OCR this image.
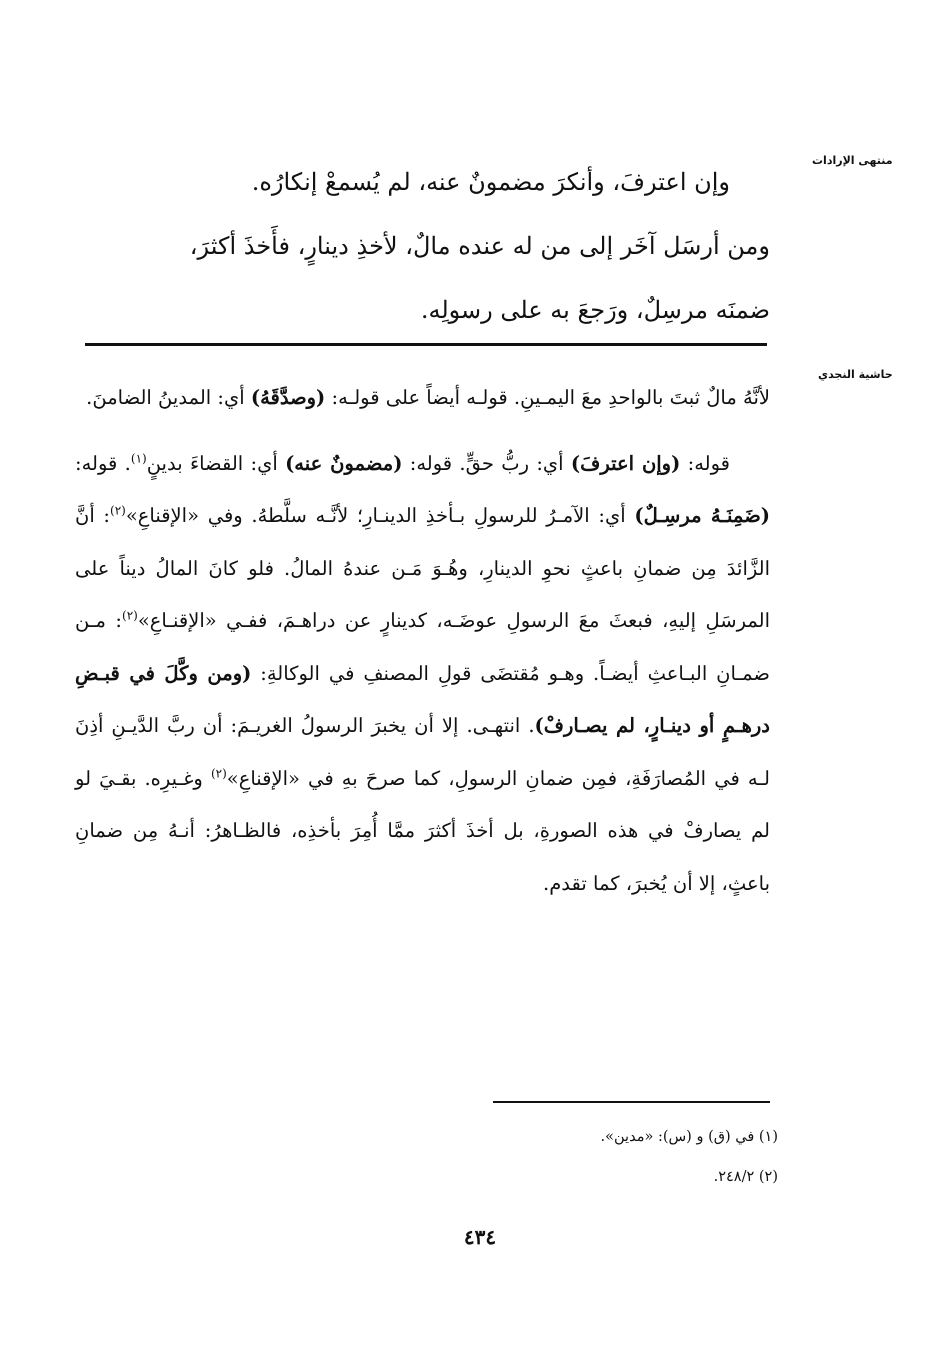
منتهى الإرادات
حاشية النجدي

وإن اعترفَ، وأنكرَ مضمونٌ عنه، لم يُسمعْ إنكارُه.

ومن أرسَل آخَر إلى من له عنده مالٌ، لأخذِ دينارٍ، فأَخذَ أكثرَ،

ضمنَه مرسِلٌ، ورَجعَ به على رسولِه.

لأنَّهُ مالٌ ثبتَ بالواحدِ معَ اليمـينِ. قولـه أيضاً على قولـه: (وصدَّقَهُ) أي: المدينُ الضامنَ.

قوله: (وإن اعترفَ) أي: ربُّ حقٍّ. قوله: (مضمونٌ عنه) أي: القضاءَ بدينٍ$^{(١)}$. قوله: (ضَمِنَـهُ مرسِـلٌ) أي: الآمـرُ للرسولِ بـأخذِ الدينـارِ؛ لأنَّـه سلَّطهُ. وفي «الإقناعِ»$^{(٢)}$: أنَّ الزَّائدَ مِن ضمانِ باعثٍ نحوِ الدينارِ، وهُـوَ مَـن عندهُ المالُ. فلو كانَ المالُ ديناً على المرسَلِ إليهِ، فبعثَ معَ الرسولِ عوضَـه، كدينارٍ عن دراهـمَ، ففـي «الإقنـاعِ»$^{(٢)}$: مـن ضمـانِ البـاعثِ أيضـاً. وهـو مُقتضَى قولِ المصنفِ في الوكالةِ: (ومن وكَّلَ في قبـضِ درهـمٍ أو دينـارٍ، لم يصـارفْ). انتهـى. إلا أن يخبرَ الرسولُ الغريـمَ: أن ربَّ الدَّيـنِ أذِنَ لـه في المُصارَفَةِ، فمِن ضمانِ الرسولِ، كما صرحَ بهِ في «الإقناعِ»$^{(٢)}$ وغـيرِه. بقـيَ لو لم يصارفْ في هذه الصورةِ، بل أخذَ أكثرَ ممَّا أُمِرَ بأخذِه، فالظـاهرُ: أنـهُ مِن ضمانِ باعثٍ، إلا أن يُخبرَ، كما تقدم.

(١) في (ق) و (س): «مدين».

(٢) ٢٤٨/٢.

٤٣٤
